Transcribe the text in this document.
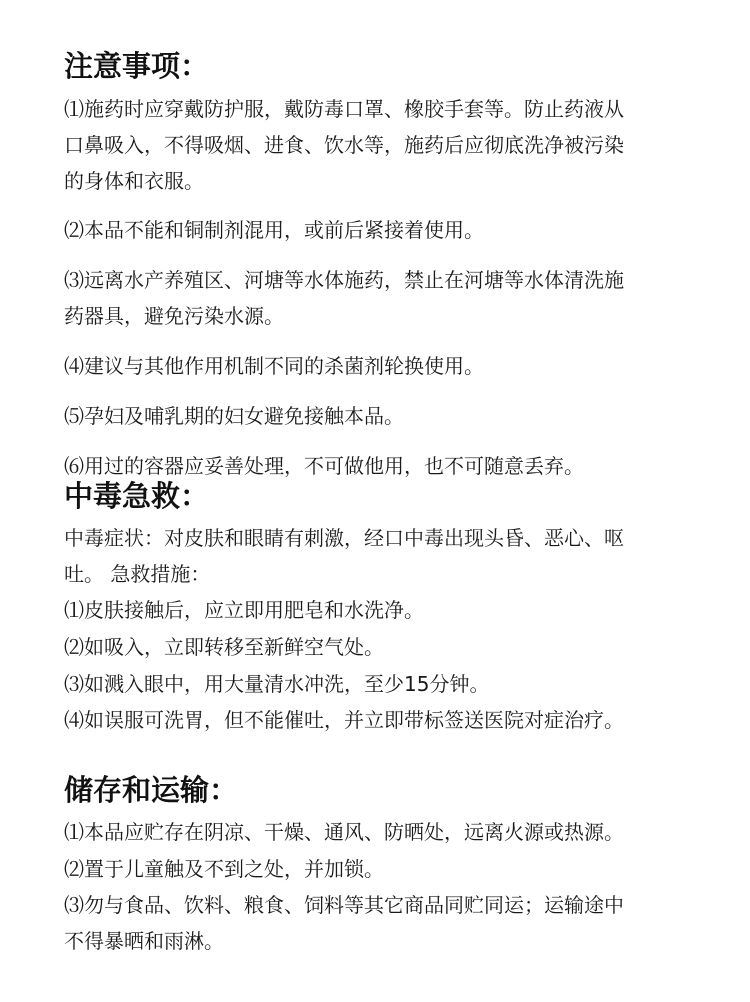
注意事项：
⑴施药时应穿戴防护服，戴防毒口罩、橡胶手套等。防止药液从
口鼻吸入，不得吸烟、进食、饮水等，施药后应彻底洗净被污染
的身体和衣服。
⑵本品不能和铜制剂混用，或前后紧接着使用。
⑶远离水产养殖区、河塘等水体施药，禁止在河塘等水体清洗施
药器具，避免污染水源。
⑷建议与其他作用机制不同的杀菌剂轮换使用。
⑸孕妇及哺乳期的妇女避免接触本品。
⑹用过的容器应妥善处理，不可做他用，也不可随意丢弃。
中毒急救：
中毒症状：对皮肤和眼睛有刺激，经口中毒出现头昏、恶心、呕
吐。 急救措施：
⑴皮肤接触后，应立即用肥皂和水洗净。
⑵如吸入，立即转移至新鲜空气处。
⑶如溅入眼中，用大量清水冲洗，至少15分钟。
⑷如误服可洗胃，但不能催吐，并立即带标签送医院对症治疗。
储存和运输：
⑴本品应贮存在阴凉、干燥、通风、防晒处，远离火源或热源。
⑵置于儿童触及不到之处，并加锁。
⑶勿与食品、饮料、粮食、饲料等其它商品同贮同运；运输途中
不得暴晒和雨淋。
